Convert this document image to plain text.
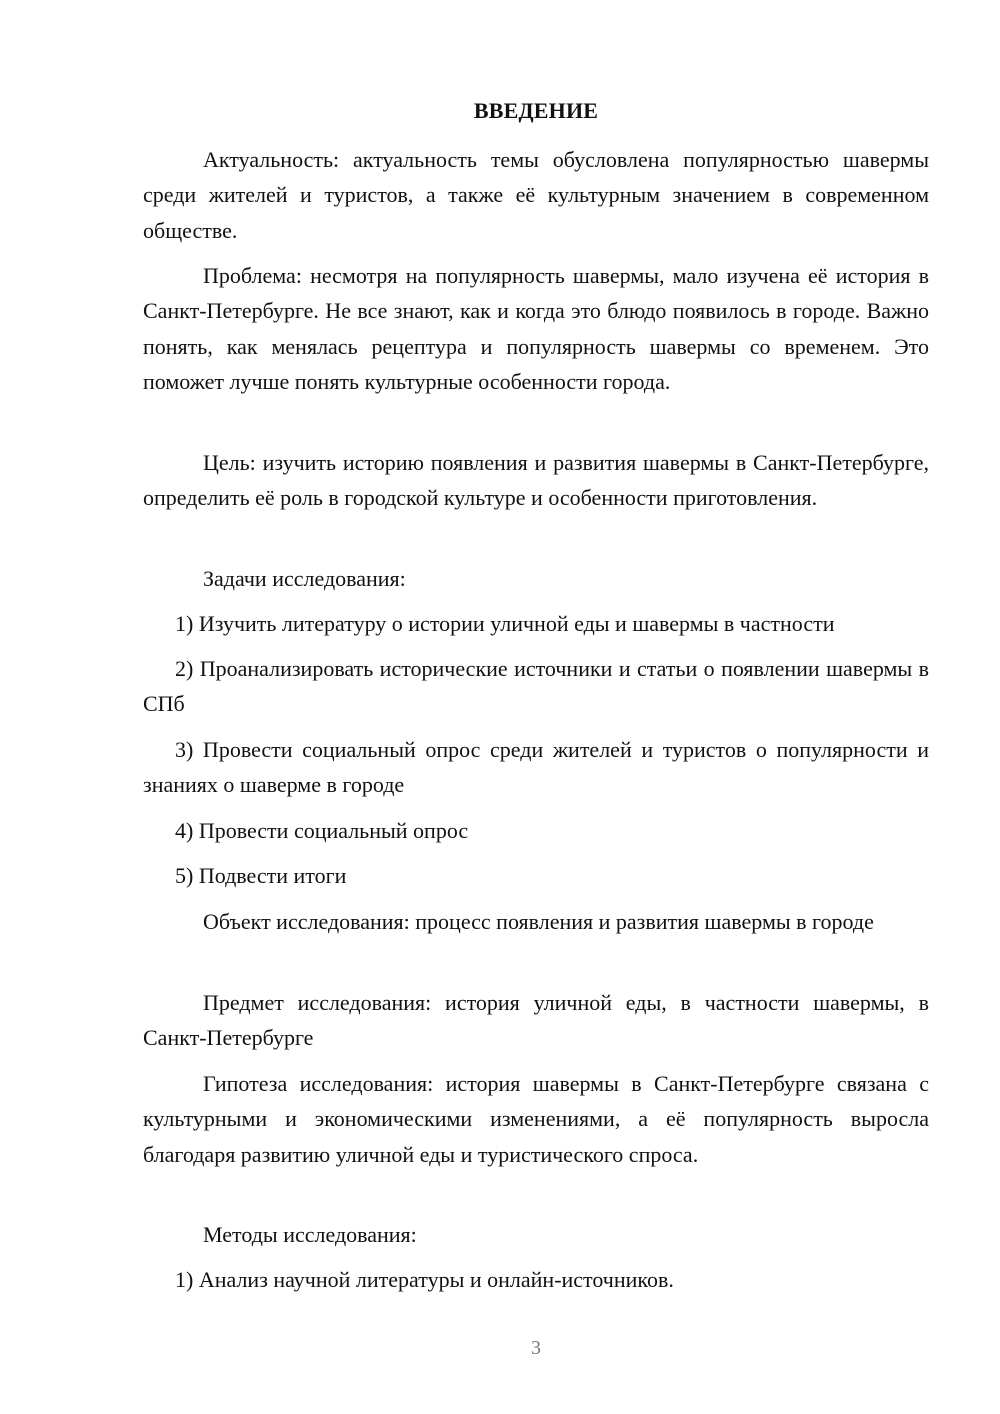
ВВЕДЕНИЕ
Актуальность: актуальность темы обусловлена популярностью шавермы среди жителей и туристов, а также её культурным значением в современном обществе.
Проблема: несмотря на популярность шавермы, мало изучена её история в Санкт-Петербурге. Не все знают, как и когда это блюдо появилось в городе. Важно понять, как менялась рецептура и популярность шавермы со временем. Это поможет лучше понять культурные особенности города.
Цель: изучить историю появления и развития шавермы в Санкт-Петербурге, определить её роль в городской культуре и особенности приготовления.
Задачи исследования:
1) Изучить литературу о истории уличной еды и шавермы в частности
2) Проанализировать исторические источники и статьи о появлении шавермы в СПб
3) Провести социальный опрос среди жителей и туристов о популярности и знаниях о шаверме в городе
4) Провести социальный опрос
5) Подвести итоги
Объект исследования: процесс появления и развития шавермы в городе
Предмет исследования: история уличной еды, в частности шавермы, в Санкт-Петербурге
Гипотеза исследования: история шавермы в Санкт-Петербурге связана с культурными и экономическими изменениями, а её популярность выросла благодаря развитию уличной еды и туристического спроса.
Методы исследования:
1) Анализ научной литературы и онлайн-источников.
3
